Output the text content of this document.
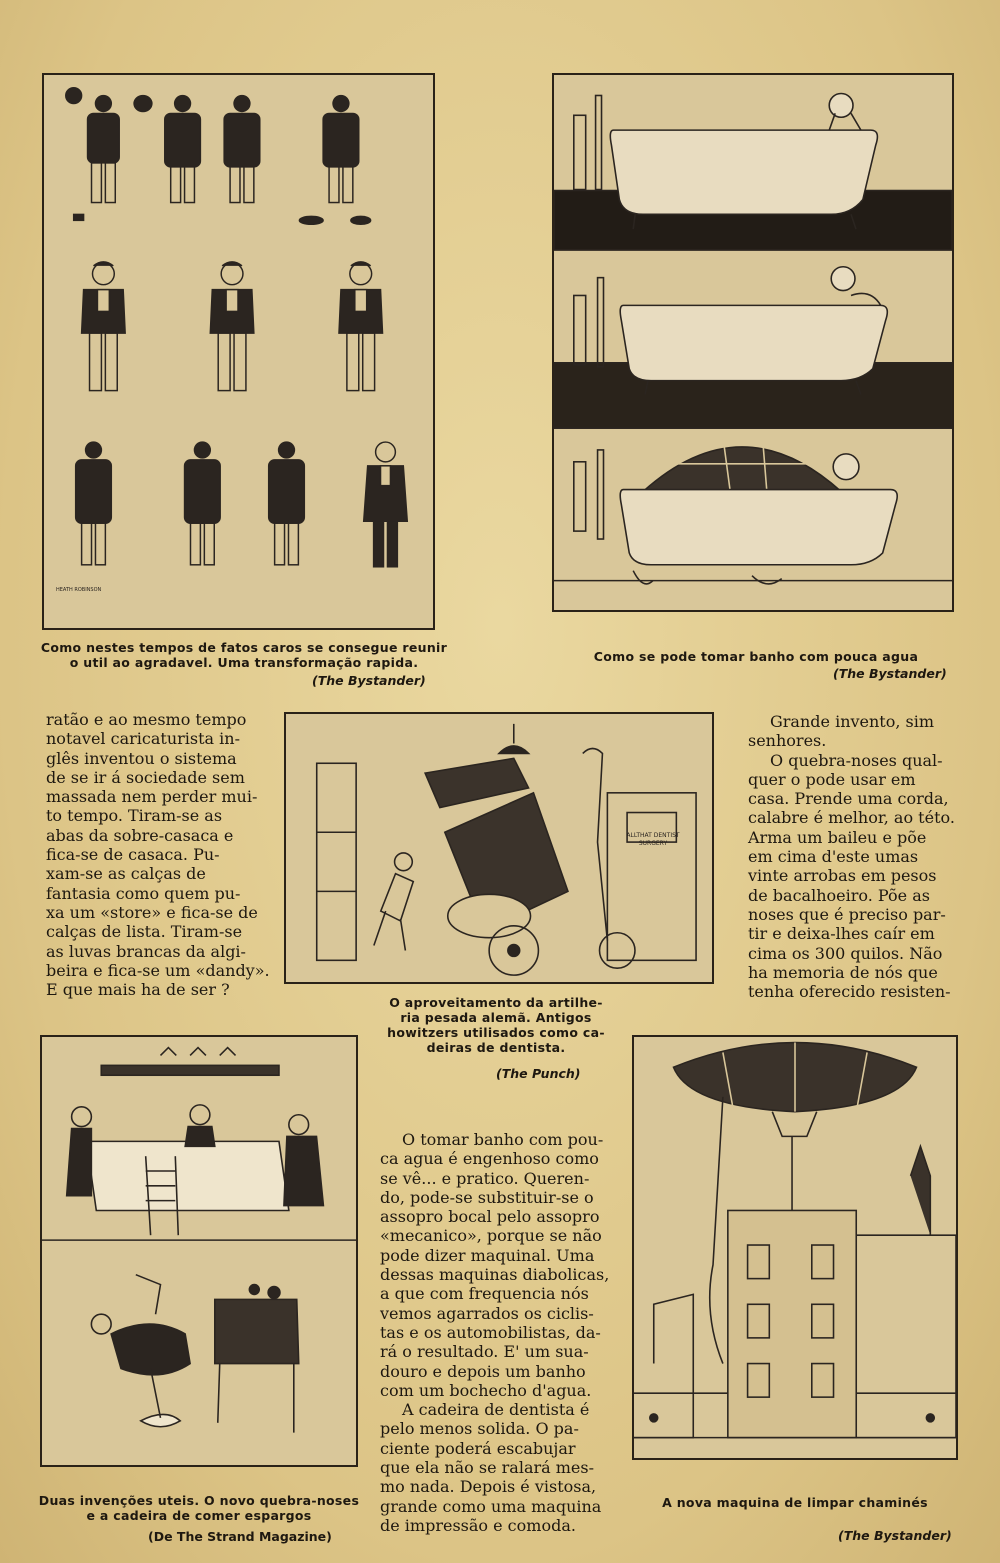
HEATH ROBINSON
Como nestes tempos de fatos caros se consegue reunir
o util ao agradavel. Uma transformação rapida.
(The Bystander)
Como se pode tomar banho com pouca agua
(The Bystander)
ratão e ao mesmo tempo
notavel caricaturista in-
glês inventou o sistema
de se ir á sociedade sem
massada nem perder mui-
to tempo. Tiram-se as
abas da sobre-casaca e
fica-se de casaca. Pu-
xam-se as calças de
fantasia como quem pu-
xa um «store» e fica-se de
calças de lista. Tiram-se
as luvas brancas da algi-
beira e fica-se um «dandy».
E que mais ha de ser ?
ALLTHAT DENTIST SURGERY
O aproveitamento da artilhe-
ria pesada alemã. Antigos
howitzers utilisados como ca-
deiras de dentista.
(The Punch)
Grande invento, sim
senhores.
O quebra-noses qual-
quer o pode usar em
casa. Prende uma corda,
calabre é melhor, ao této.
Arma um baileu e põe
em cima d'este umas
vinte arrobas em pesos
de bacalhoeiro. Põe as
noses que é preciso par-
tir e deixa-lhes caír em
cima os 300 quilos. Não
ha memoria de nós que
tenha oferecido resisten-
Duas invenções uteis. O novo quebra-noses
e a cadeira de comer espargos
(De The Strand Magazine)
O tomar banho com pou-
ca agua é engenhoso como
se vê... e pratico. Queren-
do, pode-se substituir-se o
assopro bocal pelo assopro
«mecanico», porque se não
pode dizer maquinal. Uma
dessas maquinas diabolicas,
a que com frequencia nós
vemos agarrados os ciclis-
tas e os automobilistas, da-
rá o resultado. E' um sua-
douro e depois um banho
com um bochecho d'agua.
A cadeira de dentista é
pelo menos solida. O pa-
ciente poderá escabujar
que ela não se ralará mes-
mo nada. Depois é vistosa,
grande como uma maquina
de impressão e comoda.
A nova maquina de limpar chaminés
(The Bystander)
